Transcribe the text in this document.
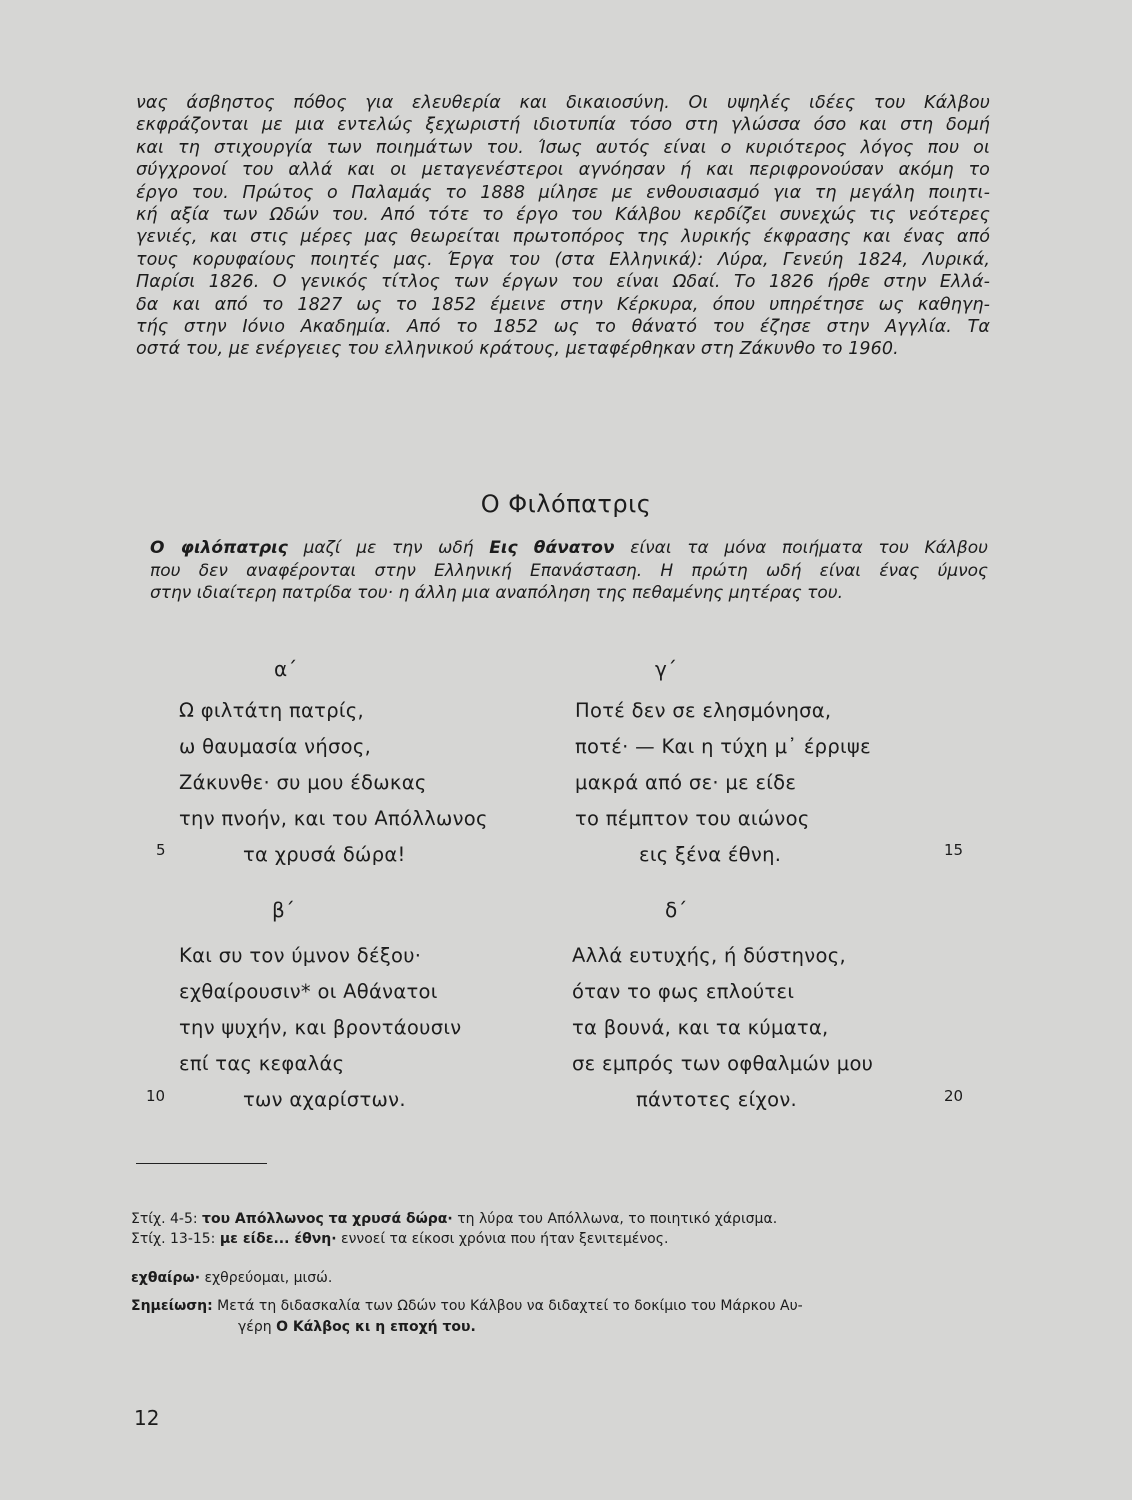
νας άσβηστος πόθος για ελευθερία και δικαιοσύνη. Οι υψηλές ιδέες του Κάλβου
εκφράζονται με μια εντελώς ξεχωριστή ιδιοτυπία τόσο στη γλώσσα όσο και στη δομή
και τη στιχουργία των ποιημάτων του. Ίσως αυτός είναι ο κυριότερος λόγος που οι
σύγχρονοί του αλλά και οι μεταγενέστεροι αγνόησαν ή και περιφρονούσαν ακόμη το
έργο του. Πρώτος ο Παλαμάς το 1888 μίλησε με ενθουσιασμό για τη μεγάλη ποιητι-
κή αξία των Ωδών του. Από τότε το έργο του Κάλβου κερδίζει συνεχώς τις νεότερες
γενιές, και στις μέρες μας θεωρείται πρωτοπόρος της λυρικής έκφρασης και ένας από
τους κορυφαίους ποιητές μας. Έργα του (στα Ελληνικά): Λύρα, Γενεύη 1824, Λυρικά,
Παρίσι 1826. Ο γενικός τίτλος των έργων του είναι Ωδαί. Το 1826 ήρθε στην Ελλά-
δα και από το 1827 ως το 1852 έμεινε στην Κέρκυρα, όπου υπηρέτησε ως καθηγη-
τής στην Ιόνιο Ακαδημία. Από το 1852 ως το θάνατό του έζησε στην Αγγλία. Τα
οστά του, με ενέργειες του ελληνικού κράτους, μεταφέρθηκαν στη Ζάκυνθο το 1960.
Ο Φιλόπατρις
Ο φιλόπατρις μαζί με την ωδή Εις θάνατον είναι τα μόνα ποιήματα του Κάλβου
που δεν αναφέρονται στην Ελληνική Επανάσταση. Η πρώτη ωδή είναι ένας ύμνος
στην ιδιαίτερη πατρίδα του· η άλλη μια αναπόληση της πεθαμένης μητέρας του.
α΄
Ω φιλτάτη πατρίς,
ω θαυμασία νήσος,
Ζάκυνθε· συ μου έδωκας
την πνοήν, και του Απόλλωνος
τα χρυσά δώρα!
5
γ΄
Ποτέ δεν σε ελησμόνησα,
ποτέ· — Και η τύχη μ᾽ έρριψε
μακρά από σε· με είδε
το πέμπτον του αιώνος
εις ξένα έθνη.	15
β΄
Και συ τον ύμνον δέξου·
εχθαίρουσιν* οι Αθάνατοι
την ψυχήν, και βροντάουσιν
επί τας κεφαλάς
των αχαρίστων.
10
δ΄
Αλλά ευτυχής, ή δύστηνος,
όταν το φως επλούτει
τα βουνά, και τα κύματα,
σε εμπρός των οφθαλμών μου
πάντοτες είχον.	20
Στίχ. 4-5: του Απόλλωνος τα χρυσά δώρα· τη λύρα του Απόλλωνα, το ποιητικό χάρισμα.
Στίχ. 13-15: με είδε... έθνη· εννοεί τα είκοσι χρόνια που ήταν ξενιτεμένος.
εχθαίρω· εχθρεύομαι, μισώ.
Σημείωση: Μετά τη διδασκαλία των Ωδών του Κάλβου να διδαχτεί το δοκίμιο του Μάρκου Αυ-
γέρη Ο Κάλβος κι η εποχή του.
12
